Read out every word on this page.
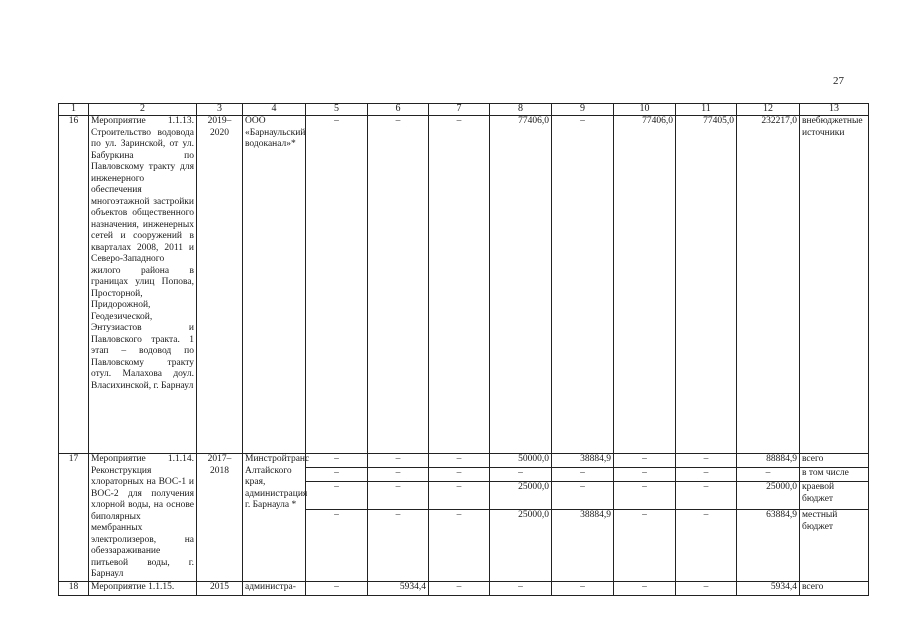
27
1	2	3	4	5	6	7	8	9	10	11	12	13
16	Мероприятие 1.1.13. Строительство водовода по ул. Заринской, от ул. Бабуркина по Павловскому тракту для инженерного обеспечения многоэтажной застройки объектов общественного назначения, инженерных сетей и сооружений в кварталах 2008, 2011 и Северо-Западного жилого района в границах улиц Попова, Просторной, Придорожной, Геодезической, Энтузиастов и Павловского тракта. 1 этап – водовод по Павловскому тракту отул. Малахова доул. Власихинской, г. Барнаул	2019–2020	ООО «Барнаульский водоканал»*	–	–	–	77406,0	–	77406,0	77405,0	232217,0	внебюджетные источники
17	Мероприятие 1.1.14. Реконструкция хлораторных на ВОС-1 и ВОС-2 для получения хлорной воды, на основе биполярных мембранных электролизеров, на обеззараживание питьевой воды, г. Барнаул	2017–2018	Минстройтранс Алтайского края, администрация г. Барнаула *	–	–	–	50000,0	38884,9	–	–	88884,9	всего
				–	–	–	–	–	–	–	–	в том числе
				–	–	–	25000,0	–	–	–	25000,0	краевой бюджет
				–	–	–	25000,0	38884,9	–	–	63884,9	местный бюджет
18	Мероприятие 1.1.15.	2015	администра-	–	5934,4	–	–	–	–	–	5934,4	всего
